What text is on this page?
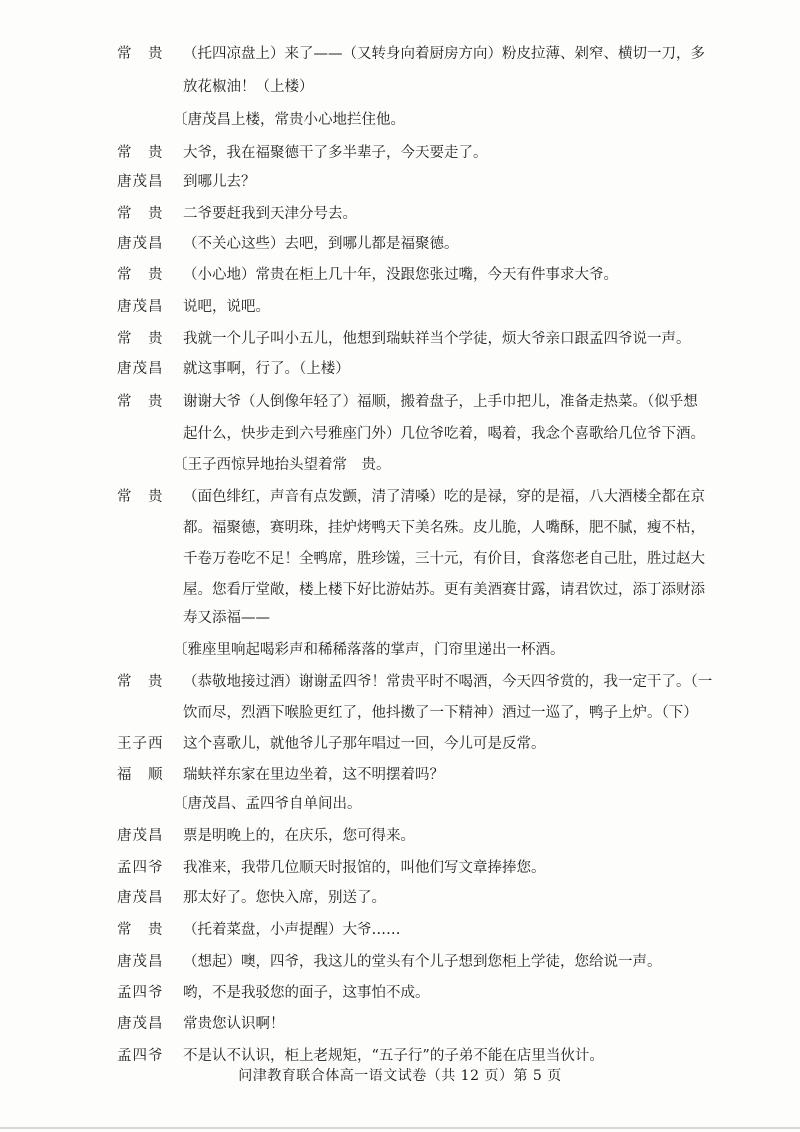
常　贵	（托四凉盘上）来了——（又转身向着厨房方向）粉皮拉薄、剁窄、横切一刀，多
放花椒油！（上楼）
〔唐茂昌上楼，常贵小心地拦住他。
常　贵	大爷，我在福聚德干了多半辈子，今天要走了。
唐茂昌	到哪儿去？
常　贵	二爷要赶我到天津分号去。
唐茂昌	（不关心这些）去吧，到哪儿都是福聚德。
常　贵	（小心地）常贵在柜上几十年，没跟您张过嘴，今天有件事求大爷。
唐茂昌	说吧，说吧。
常　贵	我就一个儿子叫小五儿，他想到瑞蚨祥当个学徒，烦大爷亲口跟孟四爷说一声。
唐茂昌	就这事啊，行了。（上楼）
常　贵	谢谢大爷（人倒像年轻了）福顺，搬着盘子，上手巾把儿，准备走热菜。（似乎想
起什么，快步走到六号雅座门外）几位爷吃着，喝着，我念个喜歌给几位爷下酒。
〔王子西惊异地抬头望着常　贵。
常　贵	（面色绯红，声音有点发颤，清了清嗓）吃的是禄，穿的是福，八大酒楼全都在京
都。福聚德，赛明珠，挂炉烤鸭天下美名殊。皮儿脆，人嘴酥，肥不腻，瘦不枯，
千卷万卷吃不足！全鸭席，胜珍馐，三十元，有价目，食落您老自己肚，胜过赵大
屋。您看厅堂敞，楼上楼下好比游姑苏。更有美酒赛甘露，请君饮过，添丁添财添
寿又添福——
〔雅座里响起喝彩声和稀稀落落的掌声，门帘里递出一杯酒。
常　贵	（恭敬地接过酒）谢谢孟四爷！常贵平时不喝酒，今天四爷赏的，我一定干了。（一
饮而尽，烈酒下喉脸更红了，他抖擞了一下精神）酒过一巡了，鸭子上炉。（下）
王子西	这个喜歌儿，就他爷儿子那年唱过一回，今儿可是反常。
福　顺	瑞蚨祥东家在里边坐着，这不明摆着吗？
〔唐茂昌、孟四爷自单间出。
唐茂昌	票是明晚上的，在庆乐，您可得来。
孟四爷	我准来，我带几位顺天时报馆的，叫他们写文章捧捧您。
唐茂昌	那太好了。您快入席，别送了。
常　贵	（托着菜盘，小声提醒）大爷……
唐茂昌	（想起）噢，四爷，我这儿的堂头有个儿子想到您柜上学徒，您给说一声。
孟四爷	哟，不是我驳您的面子，这事怕不成。
唐茂昌	常贵您认识啊！
孟四爷	不是认不认识，柜上老规矩，“五子行”的子弟不能在店里当伙计。
问津教育联合体高一语文试卷（共 12 页）第 5 页
